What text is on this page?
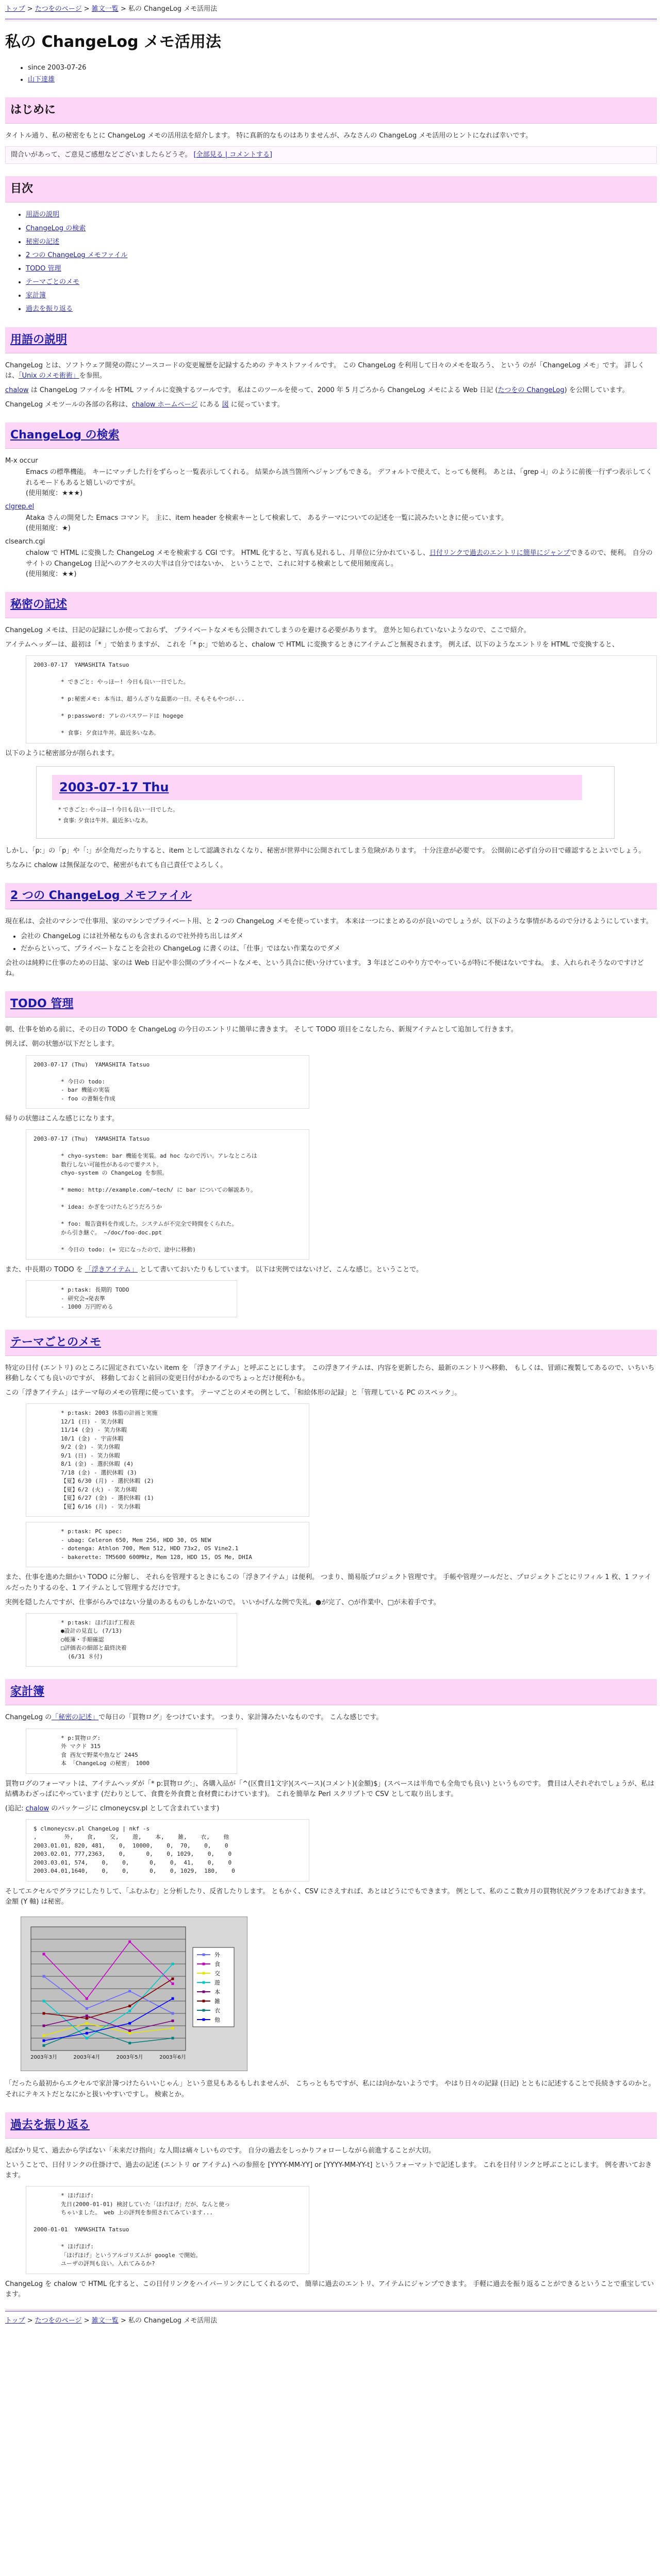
トップ > たつをのページ > 雑文一覧 > 私の ChangeLog メモ活用法
私の ChangeLog メモ活用法
• since 2003-07-26
• 山下達雄
はじめに

タイトル通り、私の秘密をもとに ChangeLog メモの活用法を紹介します。 特に真新的なものはありませんが、みなさんの ChangeLog メモ活用のヒントになれば幸いです。

間合いがあって、ご意見ご感想などございましたらどうぞ。 [全部見る | コメントする]
目次
• 用語の説明
• ChangeLog の検索
• 秘密の記述
• 2 つの ChangeLog メモファイル
• TODO 管理
• テーマごとのメモ
• 家計簿
• 過去を振り返る
用語の説明

ChangeLog とは、ソフトウェア開発の際にソースコードの変更履歴を記録するための テキストファイルです。 この ChangeLog を利用して日々のメモを取ろう、 という のが「ChangeLog メモ」です。 詳しくは、「Unix のメモ術術」を参照。

chalow は ChangeLog ファイルを HTML ファイルに変換するツールです。 私はこのツールを使って、2000 年 5 月ごろから ChangeLog メモによる Web 日記 (たつをの ChangeLog) を公開しています。

ChangeLog メモツールの各部の名称は、chalow ホームページ にある 図 に従っています。

ChangeLog の検索
M-x occur
Emacs の標準機能。 キーにマッチした行をずらっと一覧表示してくれる。 結果から該当箇所へジャンプもできる。 デフォルトで使えて、とっても便利。 あとは、「grep -i」のように前後一行ずつ表示してくれるモードもあると嬉しいのですが。
(使用頻度：★★★)
clgrep.el
Ataka さんの開発した Emacs コマンド。 主に、item header を検索キーとして検索して、 あるテーマについての記述を一覧に読みたいときに使っています。
(使用頻度：★)
clsearch.cgi
chalow で HTML に変換した ChangeLog メモを検索する CGI です。 HTML 化すると、写真も見れるし、月単位に分かれているし、日付リンクで過去のエントリに簡単にジャンプできるので、便利。 自分のサイトの ChangeLog 日記へのアクセスの大半は自分ではないか、 ということで、これに対する検索として使用頻度高し。
(使用頻度：★★)
秘密の記述

ChangeLog メモは、日記の記録にしか使っておらず、 プライベートなメモも公開されてしまうのを避ける必要があります。 意外と知られていないようなので、ここで紹介。

アイテムヘッダーは、最初は「* 」で始まりますが、 これを「* p:」で始めると、chalow で HTML に変換するときにアイテムごと無視されます。 例えば、以下のようなエントリを HTML で変換すると、

2003-07-17  YAMASHITA Tatsuo

	* できごと: やっほー! 今日も良い一日でした。

	* p:秘密メモ: 本当は、超うんざりな最悪の一日。そもそもやつが...

	* p:password: アレのパスワードは hogege

	* 食事: 夕食は牛丼。最近多いなあ。

以下のように秘密部分が削られます。

2003-07-17 Thu
* できごと: やっほー! 今日も良い一日でした。
* 食事: 夕食は牛丼。最近多いなあ。

しかし、「p:」の「p」や「:」が全角だったりすると、item として認識されなくなり、秘密が世界中に公開されてしまう危険があります。 十分注意が必要です。 公開前に必ず自分の目で確認するとよいでしょう。

ちなみに chalow は無保証なので、秘密がもれても自己責任でよろしく。

2 つの ChangeLog メモファイル

現在私は、会社のマシンで仕事用、家のマシンでプライベート用、と 2 つの ChangeLog メモを使っています。 本来は一つにまとめるのが良いのでしょうが、以下のような事情があるので分けるようにしています。

• 会社の ChangeLog には社外秘なものも含まれるので社外持ち出しはダメ
• だからといって、プライベートなことを会社の ChangeLog に書くのは、「仕事」ではない作業なのでダメ

会社のは純粋に仕事のための日誌、家のは Web 日記や非公開のプライベートなメモ、という具合に使い分けています。 3 年ほどこのやり方でやっているが特に不便はないですね。 ま、入れられそうなのですけどね。

TODO 管理

朝、仕事を始める前に、その日の TODO を ChangeLog の今日のエントリに簡単に書きます。 そして TODO 項目をこなしたら、新規アイテムとして追加して行きます。

例えば、朝の状態が以下だとします。

2003-07-17 (Thu)  YAMASHITA Tatsuo

	* 今日の todo:
	- bar 機能の実装
	- foo の書類を作成

帰りの状態はこんな感じになります。

2003-07-17 (Thu)  YAMASHITA Tatsuo

	* chyo-system: bar 機能を実装。ad hoc なので汚い。アレなところは
	数行しない可能性があるので要テスト。
	chyo-system の ChangeLog を参照。

	* memo: http://example.com/~tech/ に bar についての解説あり。

	* idea: かぎをつけたらどうだろうか

	* foo: 報告資料を作成した。システムが不完全で時間をくられた。
	から引き継ぐ。 ~/doc/foo-doc.ppt

	* 今日の todo: (= 完になったので、途中に移動)

また、中長期の TODO を 「浮きアイテム」 として書いておいたりもしています。 以下は実例ではないけど、こんな感じ。ということで。

	* p:task: 長期的 TODO
	- 研究会→発表準
	- 1000 万円貯める
テーマごとのメモ

特定の日付 (エントリ) のところに固定されていない item を 「浮きアイテム」と呼ぶことにします。 この浮きアイテムは、内容を更新したら、最新のエントリへ移動、 もしくは、冒頭に複製してあるので、いちいち移動しなくても良いのですが、 移動しておくと前回の変更日付がわかるのでちょっとだけ便利かも。

この「浮きアイテム」はテーマ毎のメモの管理に使っています。 テーマごとのメモの例として、「和絵体形の記録」と「管理している PC のスペック」。

	* p:task: 2003 体脂の計画と実施
	12/1 (日) - 笑力休暇
	11/14 (金) - 笑力休暇
	10/1 (金) - 宇宙休暇
	9/2 (金) - 笑力休暇
	9/1 (日) - 笑力休暇
	8/1 (金) - 選択休暇 (4)
	7/18 (金) - 選択休暇 (3)
	【夏】6/30 (月) - 選択休暇 (2)
	【夏】6/2 (火) - 笑力休暇
	【夏】6/27 (金) - 選択休暇 (1)
	【夏】6/16 (月) - 笑力休暇
	* p:task: PC spec:
	- ubag: Celeron 650, Mem 256, HDD 30, OS NEW
	- dotenga: Athlon 700, Mem 512, HDD 73x2, OS Vine2.1
	- bakerette: TM5600 600MHz, Mem 128, HDD 15, OS Me, DHIA

また、仕事を進めた細かい TODO に分解し、 それらを管理するときにもこの「浮きアイテム」は便利。 つまり、簡易版プロジェクト管理です。 手帳や管理ツールだと、プロジェクトごとにリフィル 1 枚、1 ファイルだったりするのを、1 アイテムとして管理するだけです。

実例を隠したんですが、仕事がらみではない分量のあるものもしかないので。 いいかげんな例で失礼。●が完了、○が作業中、□が未着手です。

	* p:task: ほげほげ工程表
	●設計の見直し (7/13)
	○帳簿・手順確認
	□評価表の細部と最終決着
	(6/31 ８付)
家計簿

ChangeLog の「秘密の記述」で毎日の「買物ログ」をつけています。 つまり、家計簿みたいなものです。 こんな感じです。

	* p:買物ログ:
	外 マクド 315
	食 西友で野菜や魚など 2445
	本 「ChangeLog の秘密」 1000

買物ログのフォーマットは、アイテムヘッダが「* p:買物ログ:」、各購入品が「^(区費目1文字)(スペース)(コメント)(金額)$」(スペースは半角でも全角でも良い) というものです。 費目は人それぞれでしょうが、私は結構あわざっぱにやっています (だわりとして、食費を外食費と食材費にわけています)。 これを簡単な Perl スクリプトで CSV として取り出します。

(追記: chalow のパッケージに clmoneycsv.pl として含まれています)

$ clmoneycsv.pl ChangeLog | nkf -s
,        外,    食,    交,    遊,    本,    雑,    衣,    他
2003.01.01, 820, 481,    0,  10000,    0,  70,    0,    0
2003.02.01, 777,2363,    0,      0,    0, 1029,    0,    0
2003.03.01, 574,    0,    0,      0,    0,  41,    0,    0
2003.04.01,1640,    0,    0,      0,    0, 1029,  180,    0

そしてエクセルでグラフにしたりして、「ふむふむ」と分析したり、反省したりします。 ともかく、CSV にさえすれば、あとはどうにでもできます。 例として、私のここ数カ月の買物状況グラフをあげておきます。 金額 (Y 軸) は秘密。

2003年3月	2003年4月	2003年5月	2003年6月
外
食
交
遊
本
雑
衣
他

「だったら最初からエクセルで家計簿つけたらいいじゃん」という意見もあるもしれませんが、 こちっともちですが、私には向かないようです。 やはり日々の記録 (日記) とともに記述することで長続きするのかと。 それにテキストだとなにかと扱いやすいですし。 検索とか。

過去を振り返る

起ばかり見て、過去から学ばない「未来だけ指向」な人間は痛々しいものです。 自分の過去をしっかりフォローしながら前進することが大切。

ということで、日付リンクの仕掛けで、過去の記述 (エントリ or アイテム) への参照を [YYYY-MM-YY] or [YYYY-MM-YY-t] というフォーマットで記述します。 これを日付リンクと呼ぶことにします。 例を書いておきます。

	* ほげほげ:
	先日(2000-01-01) 検討していた「ほげほげ」だが、なんと使っ
	ちゃいました。 web 上の評判を参照されてみています...

2000-01-01  YAMASHITA Tatsuo

	* ほげほげ:
	「ほげほげ」というアルゴリズムが google で開始。
	ユーザの評判も良い。入れてみるか?

ChangeLog を chalow で HTML 化すると、この日付リンクをハイパーリンクにしてくれるので、 簡単に過去のエントリ、アイテムにジャンプできます。 手軽に過去を振り返ることができるということで重宝しています。

トップ > たつをのページ > 雑文一覧 > 私の ChangeLog メモ活用法
